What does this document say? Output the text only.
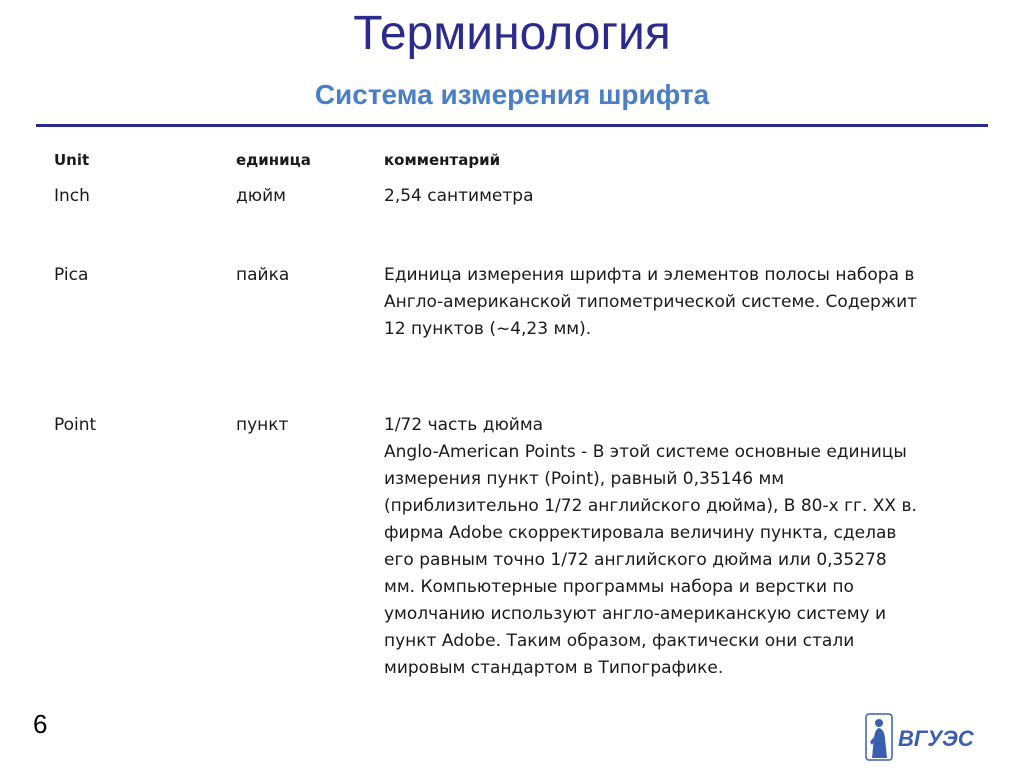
Терминология
Система измерения шрифта
Unit	единица	комментарий
Inch	дюйм	2,54 сантиметра
Pica	пайка	Единица измерения шрифта и элементов полосы набора в
Англо-американской типометрической системе. Содержит
12 пунктов (~4,23 мм).
Point	пункт	1/72 часть дюйма
Anglo-American Points - В этой системе основные единицы
измерения пункт (Point), равный 0,35146 мм
(приблизительно 1/72 английского дюйма), В 80-х гг. XX в.
фирма Adobe скорректировала величину пункта, сделав
его равным точно 1/72 английского дюйма или 0,35278
мм. Компьютерные программы набора и верстки по
умолчанию используют англо-американскую систему и
пункт Adobe. Таким образом, фактически они стали
мировым стандартом в Типографике.
6	ВГУЭС
